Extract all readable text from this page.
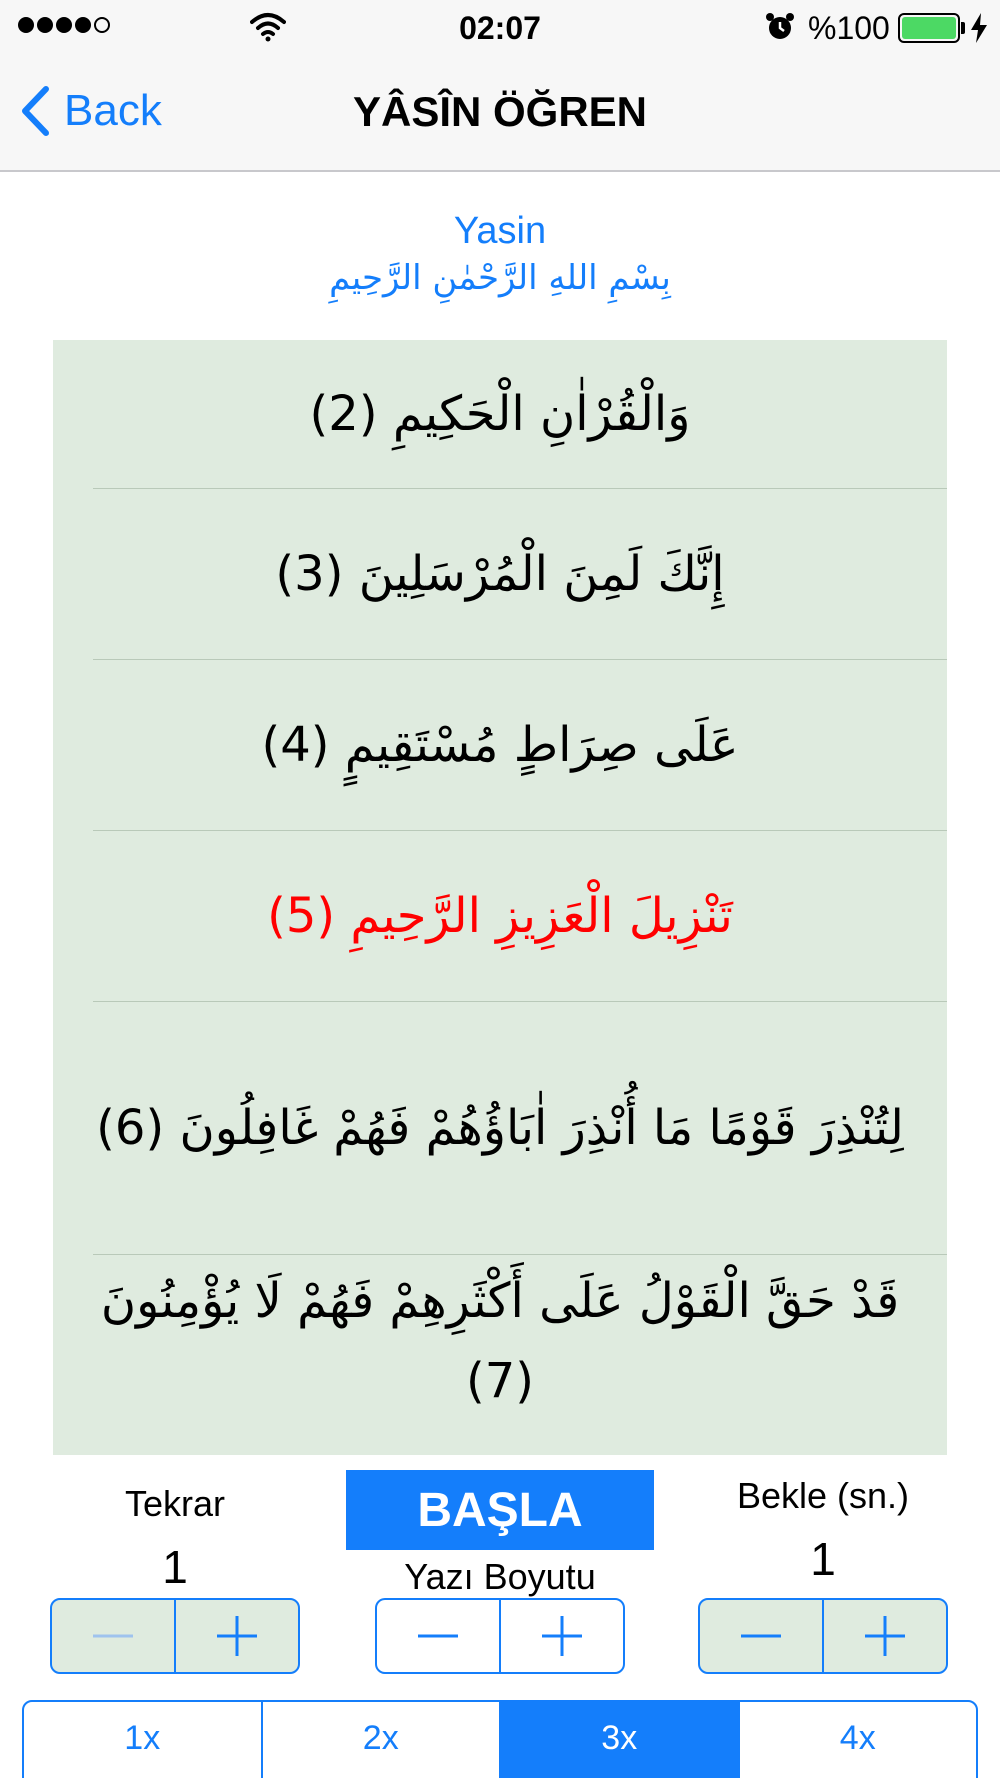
02:07	%100
Back	YÂSÎN ÖĞREN
Yasin
بِسْمِ اللهِ الرَّحْمٰنِ الرَّحِيمِ
وَالْقُرْاٰنِ الْحَكِيمِ (2)
إِنَّكَ لَمِنَ الْمُرْسَلِينَ (3)
عَلَى صِرَاطٍ مُسْتَقِيمٍ (4)
تَنْزِيلَ الْعَزِيزِ الرَّحِيمِ (5)
لِتُنْذِرَ قَوْمًا مَا أُنْذِرَ اٰبَاؤُهُمْ فَهُمْ غَافِلُونَ (6)
قَدْ حَقَّ الْقَوْلُ عَلَى أَكْثَرِهِمْ فَهُمْ لَا يُؤْمِنُونَ (7)
Tekrar
1
BAŞLA
Yazı Boyutu
Bekle (sn.)
1
1x	2x	3x	4x
